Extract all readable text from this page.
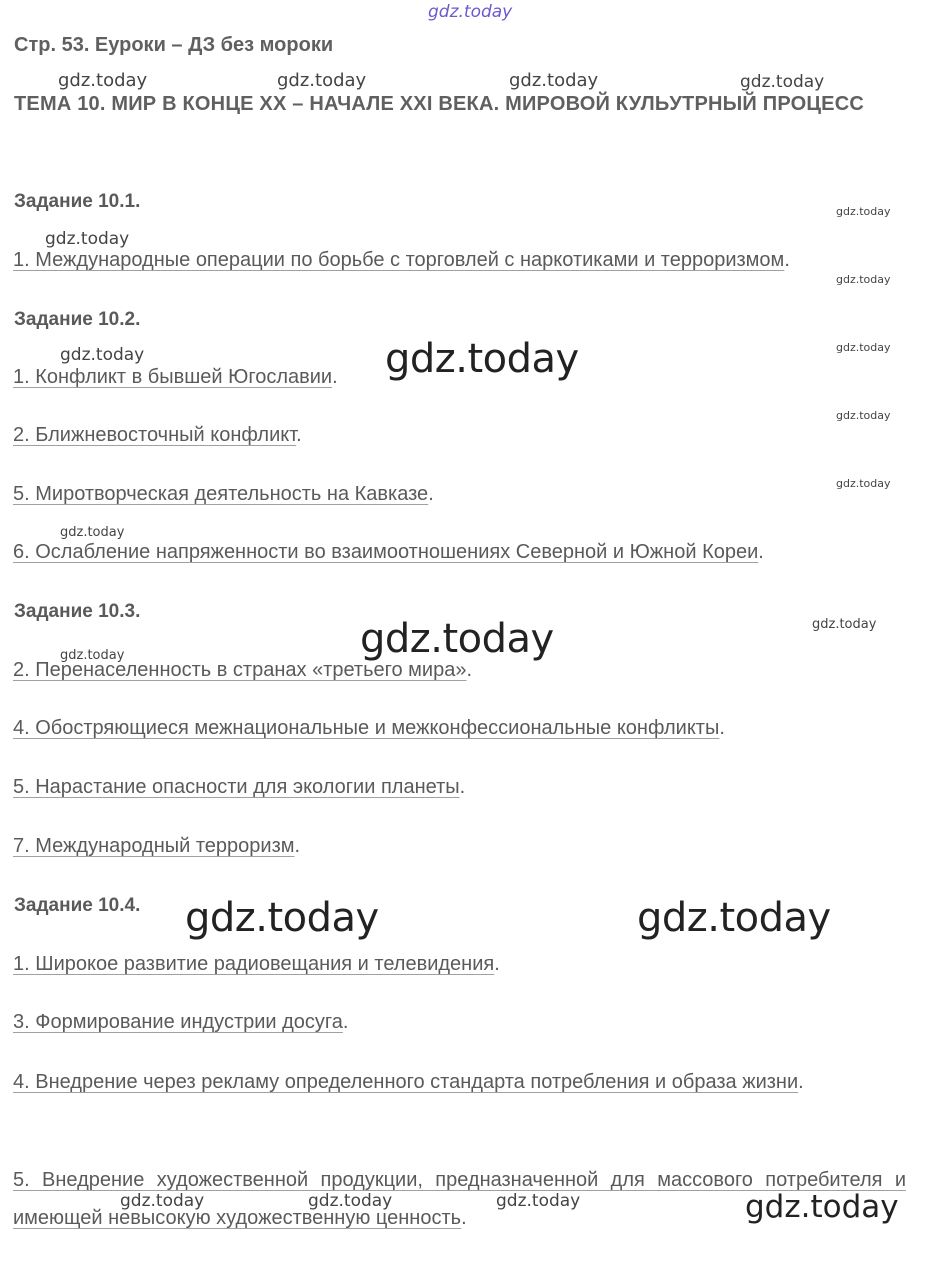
gdz.today
Стр. 53. Еуроки – ДЗ без мороки
gdz.today	gdz.today	gdz.today	gdz.today
ТЕМА 10. МИР В КОНЦЕ XX – НАЧАЛЕ XXI ВЕКА. МИРОВОЙ КУЛЬУТРНЫЙ ПРОЦЕСС
Задание 10.1.	gdz.today
gdz.today
1. Международные операции по борьбе с торговлей с наркотиками и терроризмом.
gdz.today
Задание 10.2.
gdz.today
gdz.today	gdz.today
1. Конфликт в бывшей Югославии.
gdz.today
2. Ближневосточный конфликт.
gdz.today
5. Миротворческая деятельность на Кавказе.
gdz.today
6. Ослабление напряженности во взаимоотношениях Северной и Южной Кореи.
Задание 10.3.
gdz.today
gdz.today
gdz.today
2. Перенаселенность в странах «третьего мира».
4. Обостряющиеся межнациональные и межконфессиональные конфликты.
5. Нарастание опасности для экологии планеты.
7. Международный терроризм.
Задание 10.4. gdz.today	gdz.today
1. Широкое развитие радиовещания и телевидения.
3. Формирование индустрии досуга.
4. Внедрение через рекламу определенного стандарта потребления и образа жизни.
5. Внедрение художественной продукции, предназначенной для массового потребителя и имеющей невысокую художественную ценность.
gdz.today	gdz.today	gdz.today	gdz.today
